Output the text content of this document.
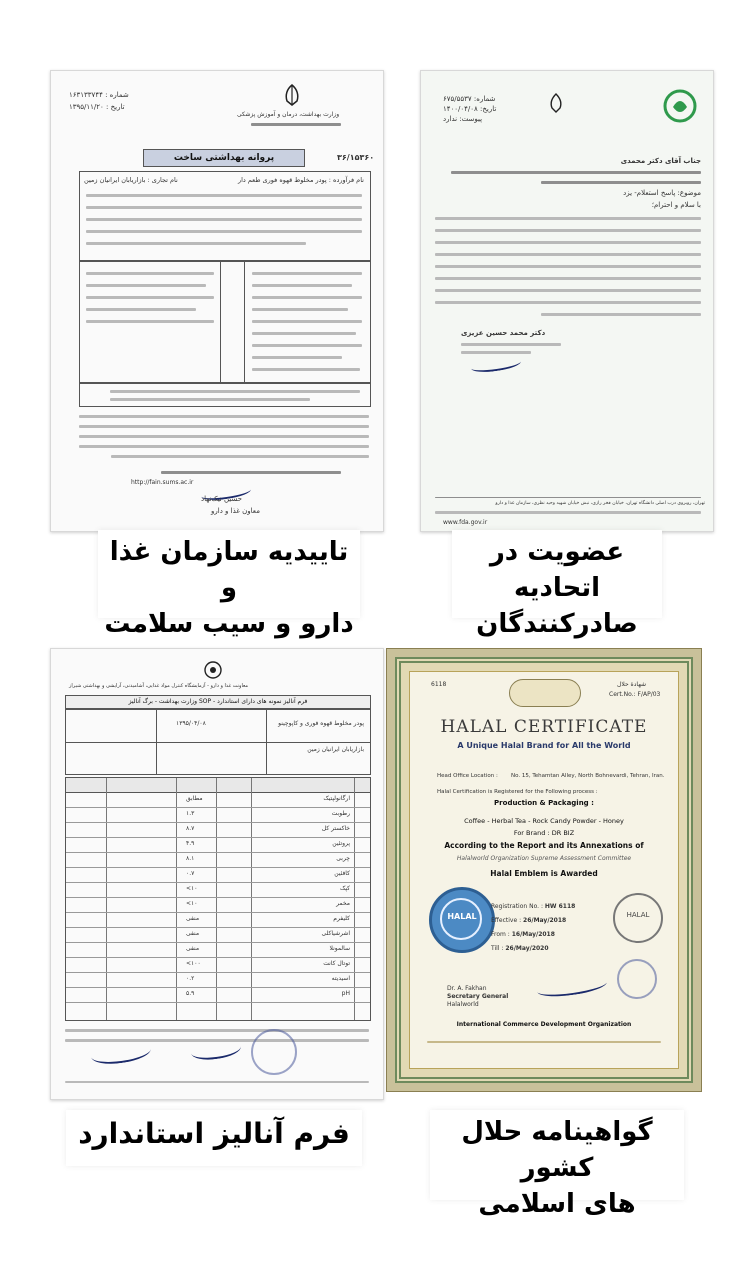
وزارت بهداشت، درمان و آموزش پزشکی
شماره : ۱۶۳۱۳۳۷۴۴
تاریخ : ۱۳۹۵/۱۱/۲۰
۳۶/۱۵۳۶۰
پروانه بهداشتی ساخت
نام فرآورده : پودر مخلوط قهوه فوری طعم دار
نام تجاری : بازاریابان ایرانیان زمین
http://fain.sums.ac.ir
حسین نیک‌نهاد
معاون غذا و دارو
شماره: ۶۷۵/۵۵۳۷
تاریخ: ۱۴۰۰/۰۴/۰۸
پیوست: ندارد
جناب آقای دکتر محمدی
موضوع: پاسخ استعلام- یزد
با سلام و احترام؛
دکتر محمد حسین عزیزی
تهران، روبروی درب اصلی دانشگاه تهران، خیابان فخر رازی، نبش خیابان شهید وحید نظری، سازمان غذا و دارو
www.fda.gov.ir
معاونت غذا و دارو - آزمایشگاه کنترل مواد غذایی، آشامیدنی، آرایشی و بهداشتی شیراز
فرم آنالیز نمونه های دارای استاندارد - SOP وزارت بهداشت - برگ آنالیز
پودر مخلوط قهوه فوری و کاپوچینو
بازاریابان ایرانیان زمین
۱۳۹۵/۰۴/۰۸
ارگانولپتیک
مطابق
رطوبت
۱.۳
خاکستر کل
۸.۷
پروتئین
۴.۹
چربی
۸.۱
کافئین
۰.۷
کپک
۱۰>
مخمر
۱۰>
کلیفرم
منفی
اشرشیاکلی
منفی
سالمونلا
منفی
توتال کانت
۱۰۰>
اسیدیته
۰.۲
pH
۵.۹
6118	شهادة حلال
Cert.No.: F/AP/03
HALAL CERTIFICATE
A Unique Halal Brand for All the World
Head Office Location : No. 15, Tehamtan Alley, North Bohnevardi, Tehran, Iran.
Halal Certification is Registered for the Following process :
Production & Packaging :
Coffee - Herbal Tea - Rock Candy Powder - Honey
For Brand : DR BIZ
According to the Report and its Annexations of
Halalworld Organization Supreme Assessment Committee
Halal Emblem is Awarded
HALAL	HALAL
Registration No. : HW 6118
Effective : 26/May/2018
From : 16/May/2018
Till : 26/May/2020
Dr. A. Fakhan
Secretary General
Halalworld
International Commerce Development Organization
تاییدیه سازمان غذا و
دارو و سیب سلامت
عضویت در اتحادیه
صادرکنندگان
فرم آنالیز استاندارد	گواهینامه حلال کشور
های اسلامی
